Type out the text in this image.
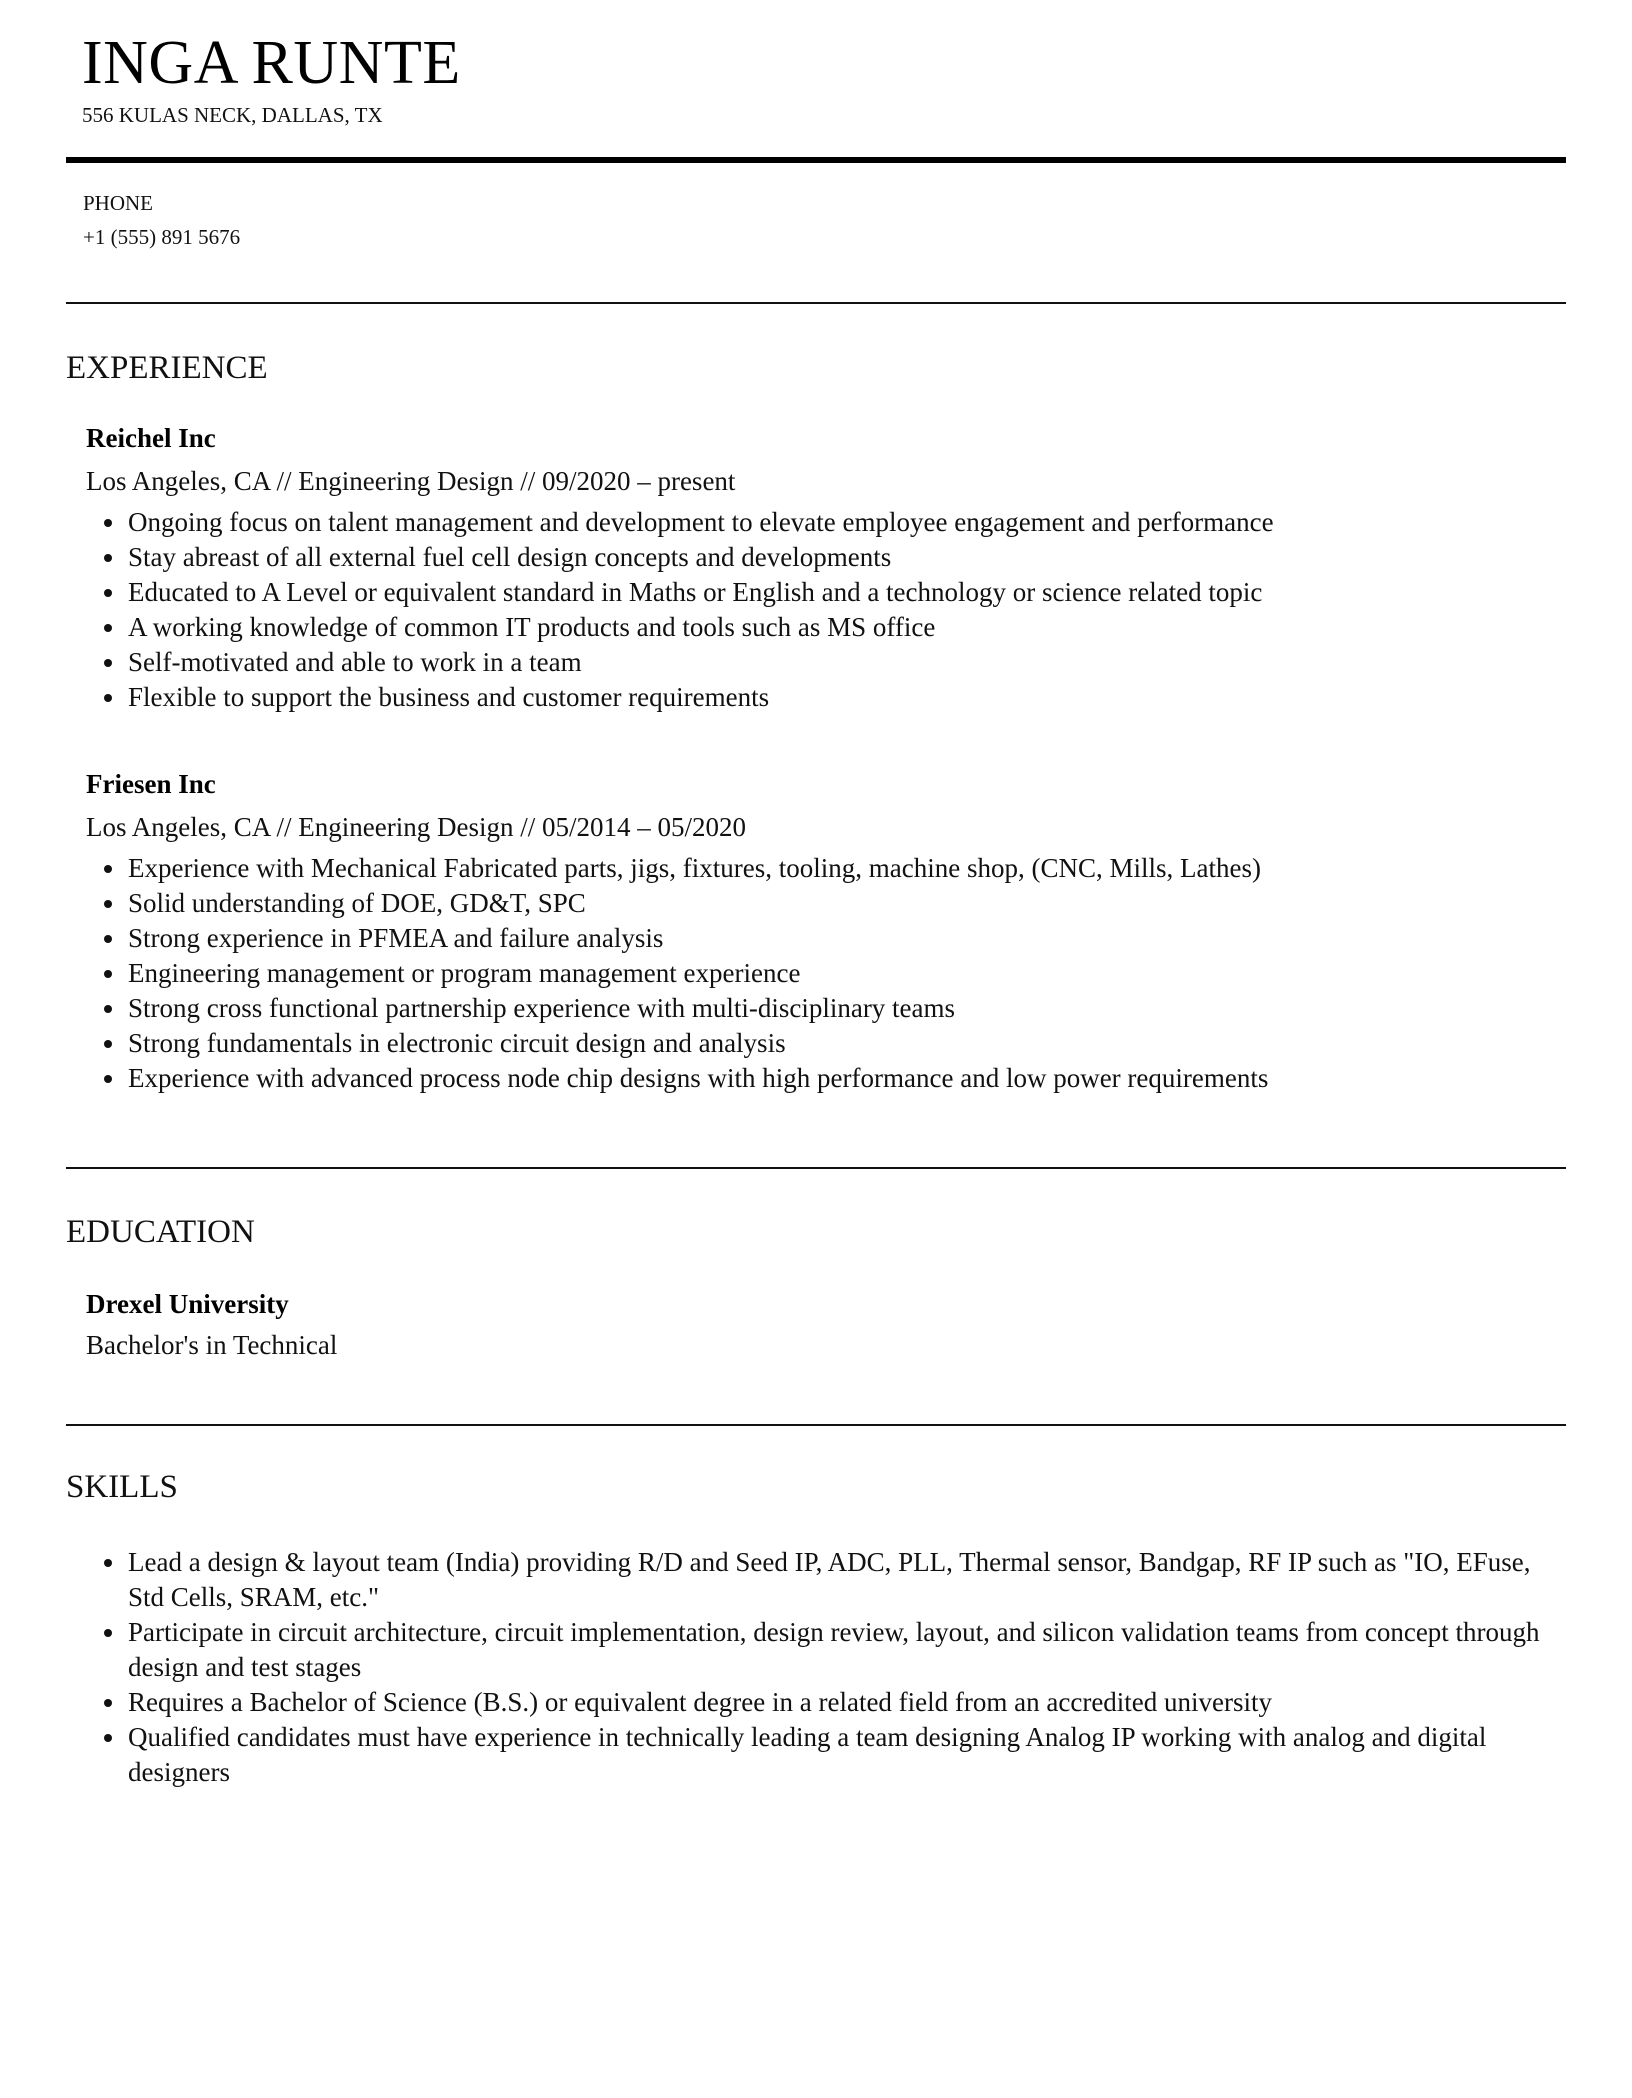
INGA RUNTE
556 KULAS NECK, DALLAS, TX
PHONE
+1 (555) 891 5676
EXPERIENCE
Reichel Inc
Los Angeles, CA // Engineering Design // 09/2020 – present
Ongoing focus on talent management and development to elevate employee engagement and performance
Stay abreast of all external fuel cell design concepts and developments
Educated to A Level or equivalent standard in Maths or English and a technology or science related topic
A working knowledge of common IT products and tools such as MS office
Self-motivated and able to work in a team
Flexible to support the business and customer requirements
Friesen Inc
Los Angeles, CA // Engineering Design // 05/2014 – 05/2020
Experience with Mechanical Fabricated parts, jigs, fixtures, tooling, machine shop, (CNC, Mills, Lathes)
Solid understanding of DOE, GD&T, SPC
Strong experience in PFMEA and failure analysis
Engineering management or program management experience
Strong cross functional partnership experience with multi-disciplinary teams
Strong fundamentals in electronic circuit design and analysis
Experience with advanced process node chip designs with high performance and low power requirements
EDUCATION
Drexel University
Bachelor's in Technical
SKILLS
Lead a design & layout team (India) providing R/D and Seed IP, ADC, PLL, Thermal sensor, Bandgap, RF IP such as "IO, EFuse, Std Cells, SRAM, etc."
Participate in circuit architecture, circuit implementation, design review, layout, and silicon validation teams from concept through design and test stages
Requires a Bachelor of Science (B.S.) or equivalent degree in a related field from an accredited university
Qualified candidates must have experience in technically leading a team designing Analog IP working with analog and digital designers
